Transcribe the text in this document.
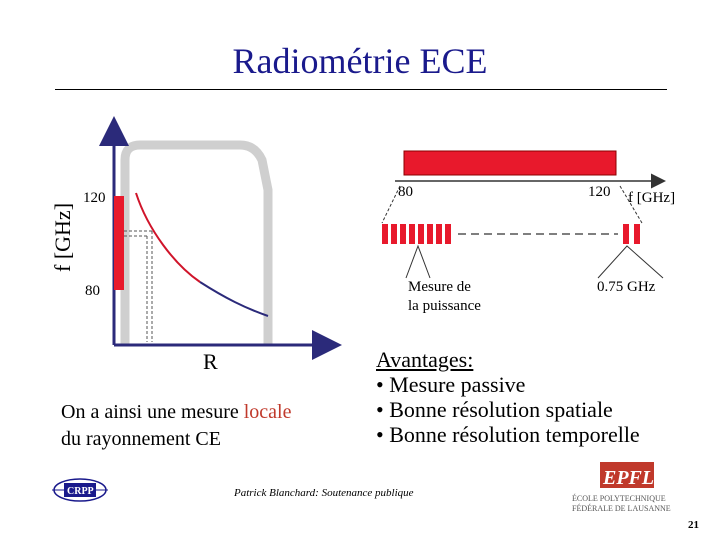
Radiométrie ECE
f [GHz]
120
80
R
80	120 f [GHz]
Mesure de
la puissance
0.75 GHz
CRPP
EPFL
ÉCOLE POLYTECHNIQUE
FÉDÉRALE DE LAUSANNE
On a ainsi une mesure locale
du rayonnement CE
Avantages:
• Mesure passive
• Bonne résolution spatiale
• Bonne résolution temporelle
Patrick Blanchard: Soutenance publique
21
